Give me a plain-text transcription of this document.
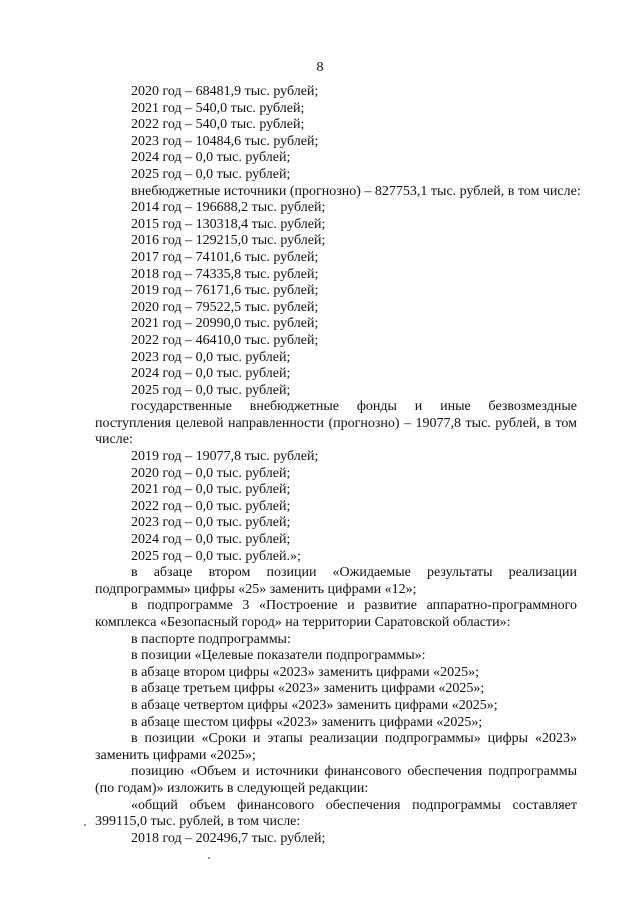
8
2020 год – 68481,9 тыс. рублей;
2021 год – 540,0 тыс. рублей;
2022 год – 540,0 тыс. рублей;
2023 год – 10484,6 тыс. рублей;
2024 год – 0,0 тыс. рублей;
2025 год – 0,0 тыс. рублей;
внебюджетные источники (прогнозно) – 827753,1 тыс. рублей, в том числе:
2014 год – 196688,2 тыс. рублей;
2015 год – 130318,4 тыс. рублей;
2016 год – 129215,0 тыс. рублей;
2017 год – 74101,6 тыс. рублей;
2018 год – 74335,8 тыс. рублей;
2019 год – 76171,6 тыс. рублей;
2020 год – 79522,5 тыс. рублей;
2021 год – 20990,0 тыс. рублей;
2022 год – 46410,0 тыс. рублей;
2023 год – 0,0 тыс. рублей;
2024 год – 0,0 тыс. рублей;
2025 год – 0,0 тыс. рублей;
государственные внебюджетные фонды и иные безвозмездные поступления целевой направленности (прогнозно) – 19077,8 тыс. рублей, в том числе:
2019 год – 19077,8 тыс. рублей;
2020 год – 0,0 тыс. рублей;
2021 год – 0,0 тыс. рублей;
2022 год – 0,0 тыс. рублей;
2023 год – 0,0 тыс. рублей;
2024 год – 0,0 тыс. рублей;
2025 год – 0,0 тыс. рублей.»;
в абзаце втором позиции «Ожидаемые результаты реализации подпрограммы» цифры «25» заменить цифрами «12»;
в подпрограмме 3 «Построение и развитие аппаратно-программного комплекса «Безопасный город» на территории Саратовской области»:
в паспорте подпрограммы:
в позиции «Целевые показатели подпрограммы»:
в абзаце втором цифры «2023» заменить цифрами «2025»;
в абзаце третьем цифры «2023» заменить цифрами «2025»;
в абзаце четвертом цифры «2023» заменить цифрами «2025»;
в абзаце шестом цифры «2023» заменить цифрами «2025»;
в позиции «Сроки и этапы реализации подпрограммы» цифры «2023» заменить цифрами «2025»;
позицию «Объем и источники финансового обеспечения подпрограммы (по годам)» изложить в следующей редакции:
«общий объем финансового обеспечения подпрограммы составляет 399115,0 тыс. рублей, в том числе:
2018 год – 202496,7 тыс. рублей;
